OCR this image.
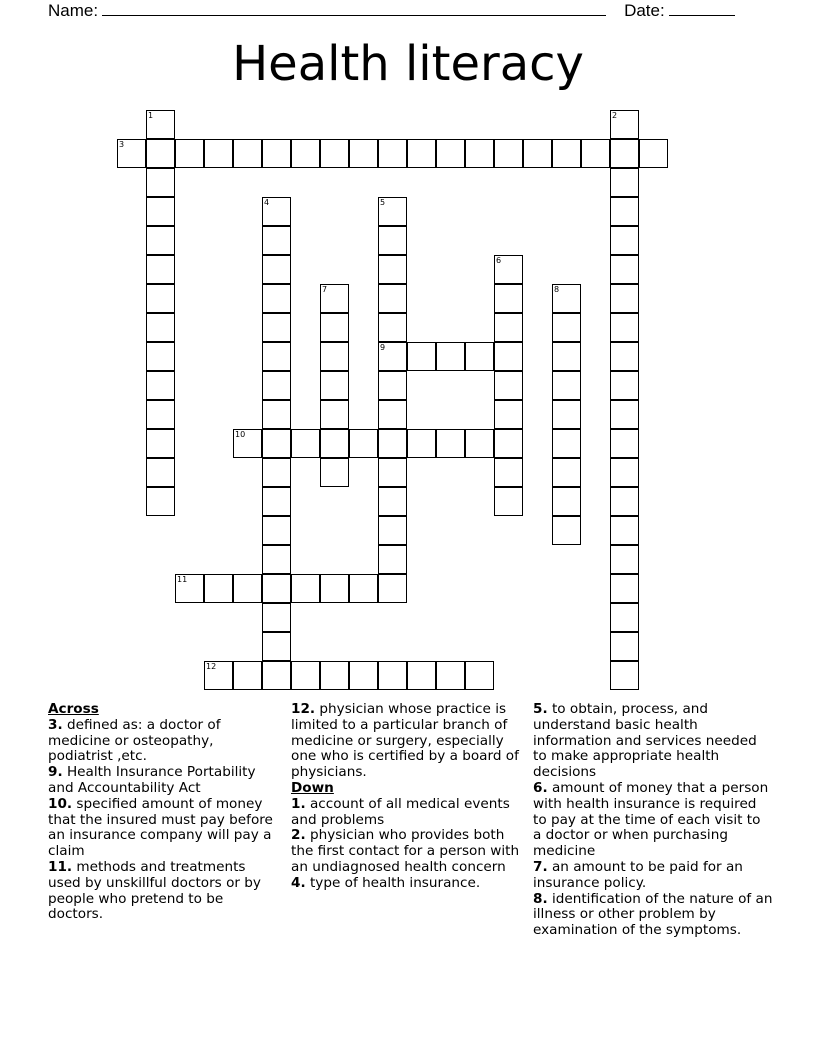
Name:	Date:
Health literacy
1	2
3
4	5
9
6
7	8
10
11
12
Across
3. defined as: a doctor of medicine or osteopathy, podiatrist ,etc.
9. Health Insurance Portability and Accountability Act
10. specified amount of money that the insured must pay before an insurance company will pay a claim
11. methods and treatments used by unskillful doctors or by people who pretend to be doctors.
12. physician whose practice is limited to a particular branch of medicine or surgery, especially one who is certified by a board of physicians.
Down
1. account of all medical events and problems
2. physician who provides both the first contact for a person with an undiagnosed health concern
4. type of health insurance.
5. to obtain, process, and understand basic health information and services needed to make appropriate health decisions
6. amount of money that a person with health insurance is required to pay at the time of each visit to a doctor or when purchasing medicine
7. an amount to be paid for an insurance policy.
8. identification of the nature of an illness or other problem by examination of the symptoms.
